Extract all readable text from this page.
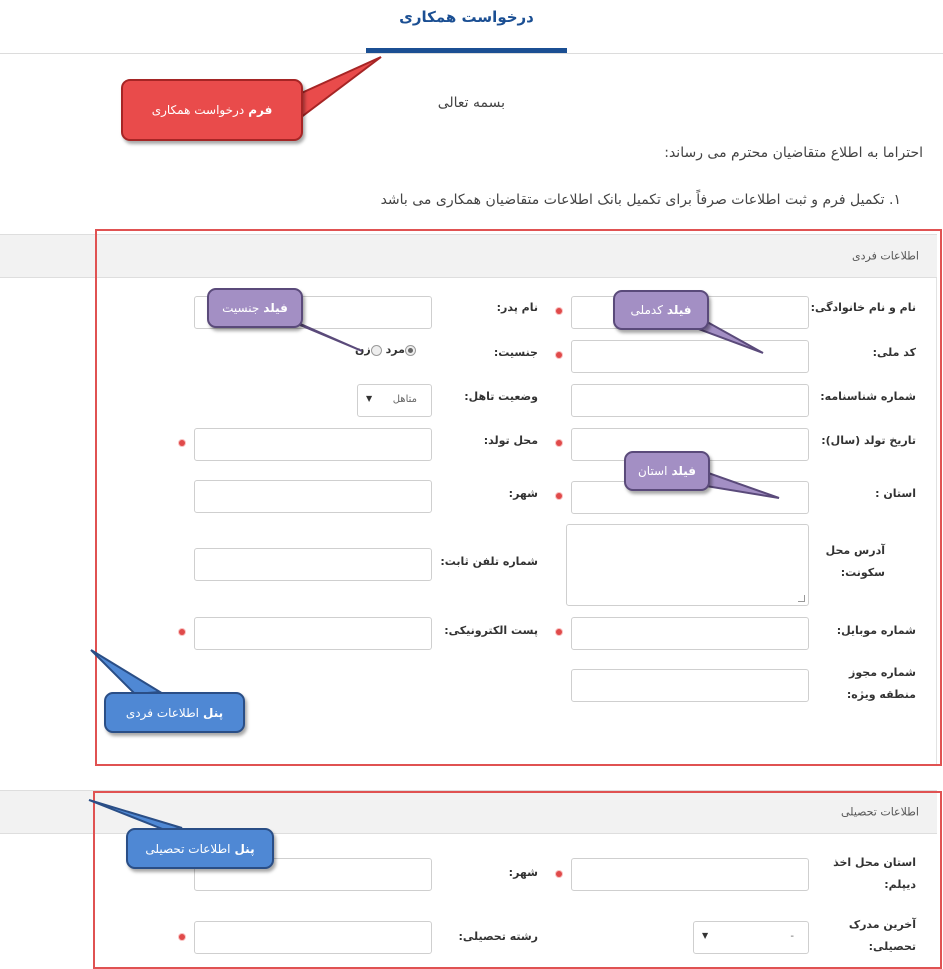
درخواست همکاری
بسمه تعالی
احتراما به اطلاع متقاضیان محترم می رساند:
۱. تکمیل فرم و ثبت اطلاعات صرفاً برای تکمیل بانک اطلاعات متقاضیان همکاری می باشد
اطلاعات فردی
نام و نام خانوادگی:
نام پدر:
کد ملی:
جنسیت:
مرد زن
شماره شناسنامه:
وضعیت تاهل:
متاهل
▼
تاریخ تولد (سال):
محل تولد:
استان :
شهر:
آدرس محل سکونت:
شماره تلفن ثابت:
شماره موبایل:
پست الکترونیکی:
شماره مجوز منطقه ویژه:
اطلاعات تحصیلی
استان محل اخذ دیپلم:
شهر:
آخرین مدرک تحصیلی:
-
▼
رشته تحصیلی:
فرم
درخواست همکاری
فیلد
جنسیت	فیلد
کدملی
فیلد
استان
پنل
اطلاعات فردی
پنل
اطلاعات تحصیلی
